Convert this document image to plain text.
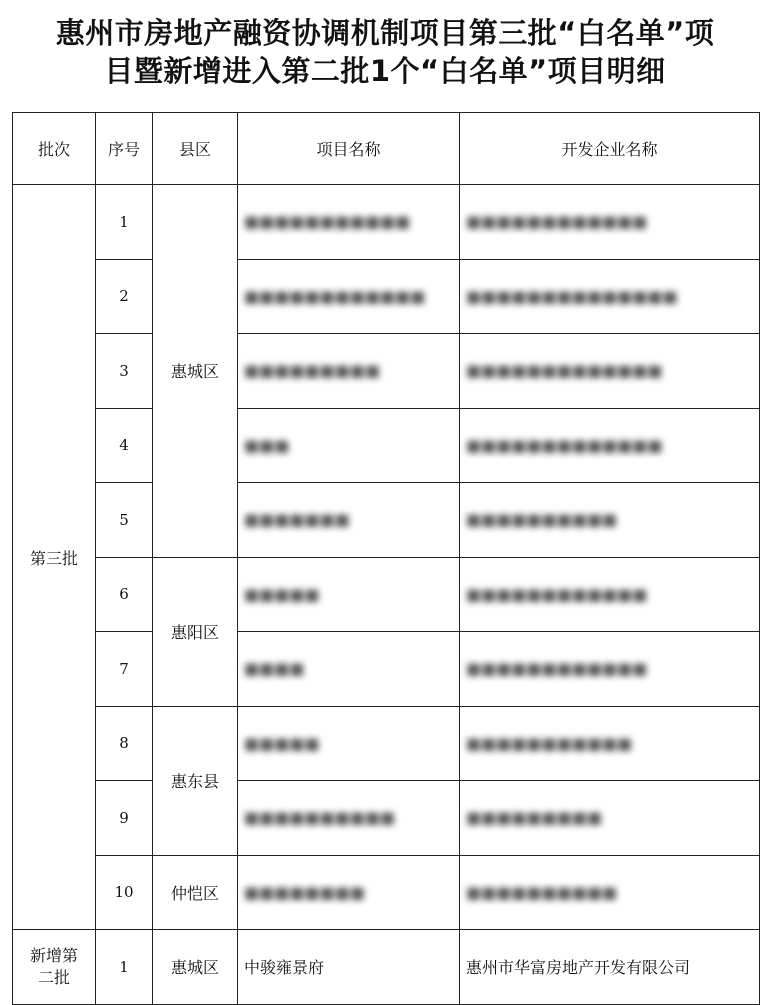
惠州市房地产融资协调机制项目第三批“白名单”项
目暨新增进入第二批1个“白名单”项目明细
批次	序号	县区	项目名称	开发企业名称
第三批	1	惠城区	■■■■■■■■■■■	■■■■■■■■■■■■

	2		■■■■■■■■■■■■	■■■■■■■■■■■■■■

	3		■■■■■■■■■	■■■■■■■■■■■■■

	4		■■■	■■■■■■■■■■■■■

	5		■■■■■■■	■■■■■■■■■■

	6	惠阳区	■■■■■	■■■■■■■■■■■■

	7		■■■■	■■■■■■■■■■■■

	8	惠东县	■■■■■	■■■■■■■■■■■

	9		■■■■■■■■■■	■■■■■■■■■

	10	仲恺区	■■■■■■■■	■■■■■■■■■■

新增第二批	1	惠城区	中骏雍景府	惠州市华富房地产开发有限公司
